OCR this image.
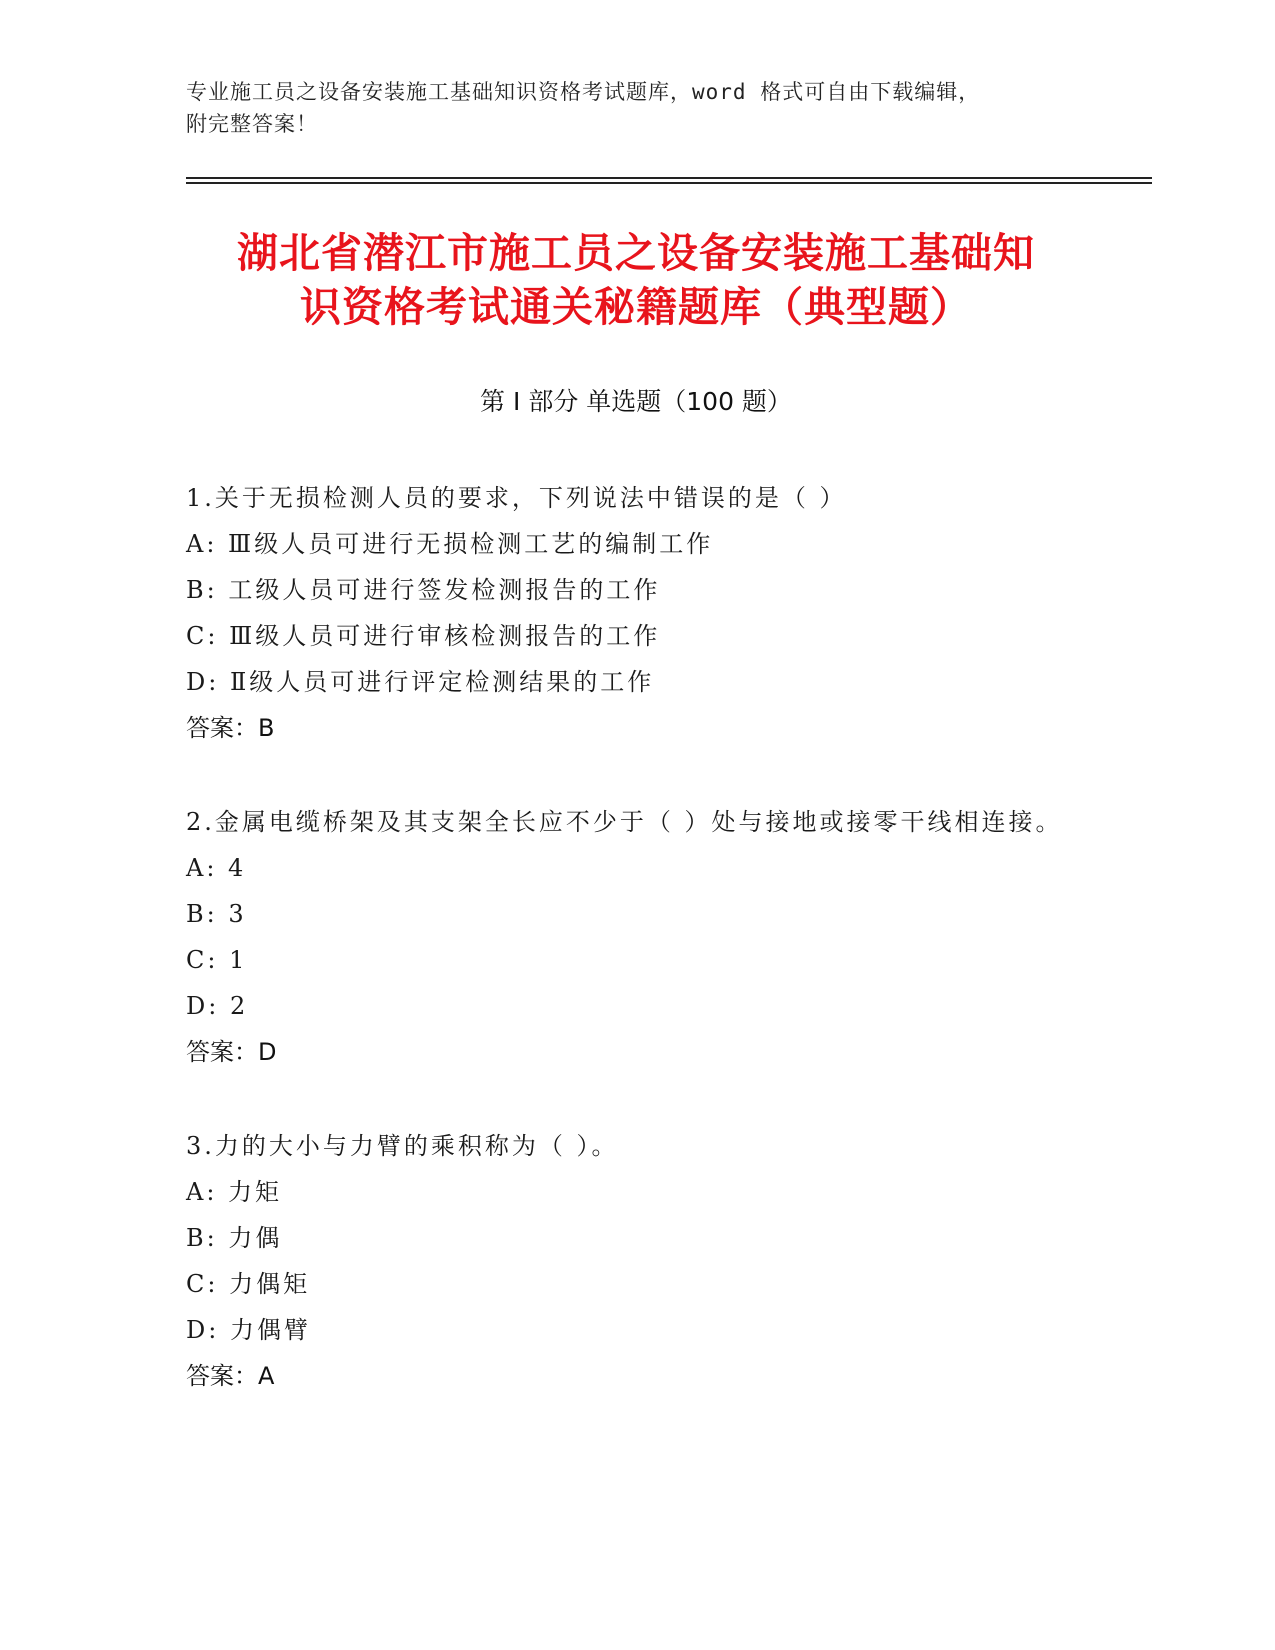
专业施工员之设备安装施工基础知识资格考试题库，word 格式可自由下载编辑，
附完整答案！
湖北省潜江市施工员之设备安装施工基础知
识资格考试通关秘籍题库（典型题）
第 I 部分 单选题（100 题）
1.关于无损检测人员的要求，下列说法中错误的是（ ）
A: Ⅲ级人员可进行无损检测工艺的编制工作
B: 工级人员可进行签发检测报告的工作
C: Ⅲ级人员可进行审核检测报告的工作
D: Ⅱ级人员可进行评定检测结果的工作
答案：B
2.金属电缆桥架及其支架全长应不少于（ ）处与接地或接零干线相连接。
A: 4
B: 3
C: 1
D: 2
答案：D
3.力的大小与力臂的乘积称为（ ）。
A: 力矩
B: 力偶
C: 力偶矩
D: 力偶臂
答案：A
